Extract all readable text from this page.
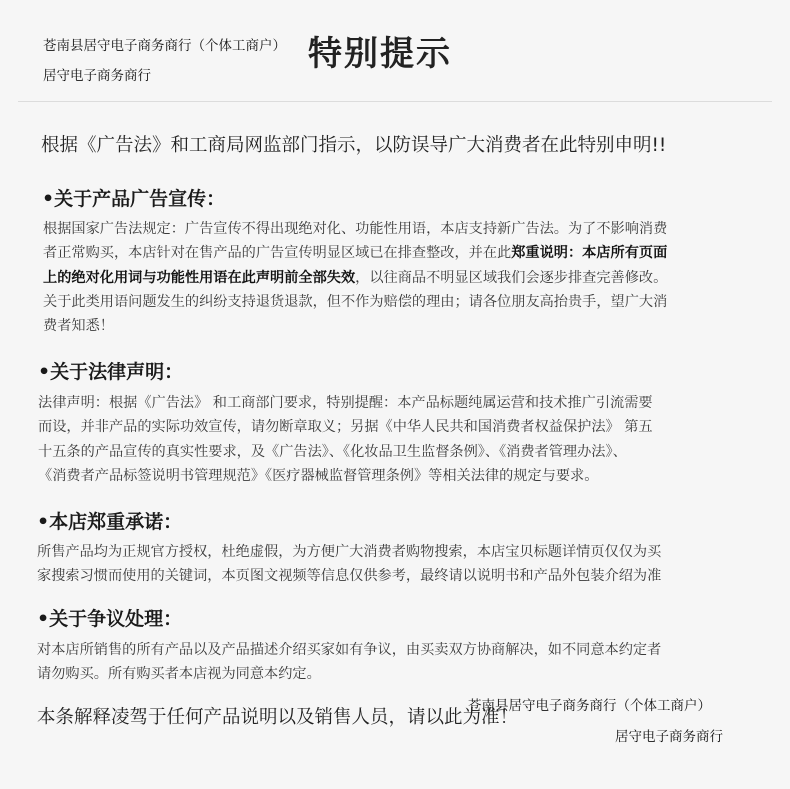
苍南县居守电子商务商行（个体工商户）
居守电子商务商行
特别提示
根据《广告法》和工商局网监部门指示，以防误导广大消费者在此特别申明!!
•关于产品广告宣传：
根据国家广告法规定：广告宣传不得出现绝对化、功能性用语，本店支持新广告法。为了不影响消费
者正常购买，本店针对在售产品的广告宣传明显区域已在排查整改，并在此郑重说明：本店所有页面
上的绝对化用词与功能性用语在此声明前全部失效，以往商品不明显区域我们会逐步排查完善修改。
关于此类用语问题发生的纠纷支持退货退款，但不作为赔偿的理由；请各位朋友高抬贵手，望广大消
费者知悉！
•关于法律声明：
法律声明：根据《广告法》 和工商部门要求，特别提醒：本产品标题纯属运营和技术推广引流需要
而设，并非产品的实际功效宣传，请勿断章取义；另据《中华人民共和国消费者权益保护法》 第五
十五条的产品宣传的真实性要求，及《广告法》、《化妆品卫生监督条例》、《消费者管理办法》、
《消费者产品标签说明书管理规范》《医疗器械监督管理条例》等相关法律的规定与要求。
•本店郑重承诺：
所售产品均为正规官方授权，杜绝虚假，为方便广大消费者购物搜索，本店宝贝标题详情页仅仅为买
家搜索习惯而使用的关键词，本页图文视频等信息仅供参考，最终请以说明书和产品外包装介绍为准
•关于争议处理：
对本店所销售的所有产品以及产品描述介绍买家如有争议，由买卖双方协商解决，如不同意本约定者
请勿购买。所有购买者本店视为同意本约定。
本条解释凌驾于任何产品说明以及销售人员，请以此为准！
苍南县居守电子商务商行（个体工商户）
居守电子商务商行
